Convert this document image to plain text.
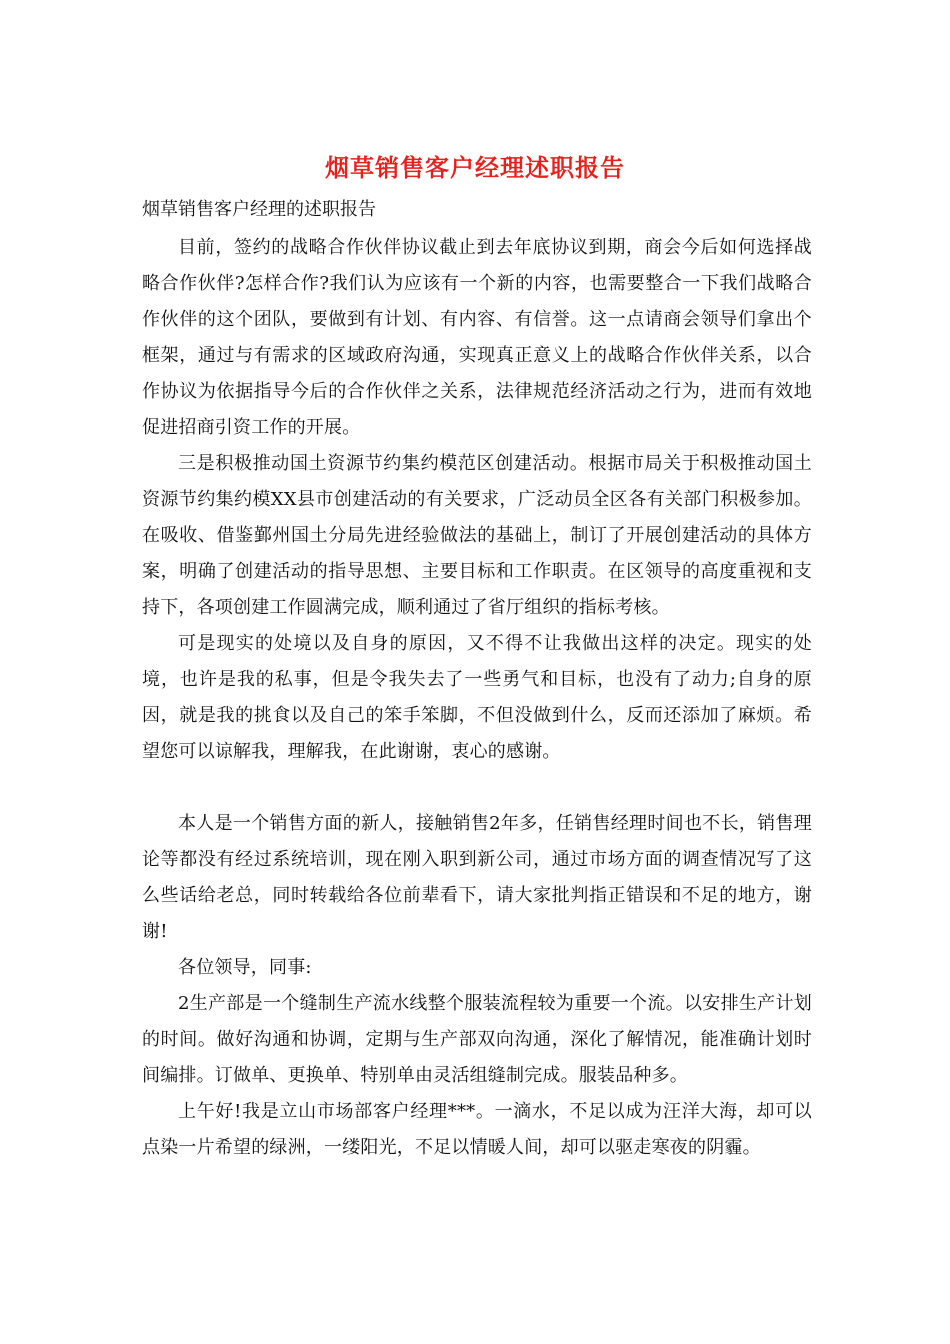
烟草销售客户经理述职报告
烟草销售客户经理的述职报告

目前，签约的战略合作伙伴协议截止到去年底协议到期，商会今后如何选择战略合作伙伴?怎样合作?我们认为应该有一个新的内容，也需要整合一下我们战略合作伙伴的这个团队，要做到有计划、有内容、有信誉。这一点请商会领导们拿出个框架，通过与有需求的区域政府沟通，实现真正意义上的战略合作伙伴关系，以合作协议为依据指导今后的合作伙伴之关系，法律规范经济活动之行为，进而有效地促进招商引资工作的开展。

三是积极推动国土资源节约集约模范区创建活动。根据市局关于积极推动国土资源节约集约模XX县市创建活动的有关要求，广泛动员全区各有关部门积极参加。在吸收、借鉴鄞州国土分局先进经验做法的基础上，制订了开展创建活动的具体方案，明确了创建活动的指导思想、主要目标和工作职责。在区领导的高度重视和支持下，各项创建工作圆满完成，顺利通过了省厅组织的指标考核。

可是现实的处境以及自身的原因，又不得不让我做出这样的决定。现实的处境，也许是我的私事，但是令我失去了一些勇气和目标，也没有了动力;自身的原因，就是我的挑食以及自己的笨手笨脚，不但没做到什么，反而还添加了麻烦。希望您可以谅解我，理解我，在此谢谢，衷心的感谢。

本人是一个销售方面的新人，接触销售2年多，任销售经理时间也不长，销售理论等都没有经过系统培训，现在刚入职到新公司，通过市场方面的调查情况写了这么些话给老总，同时转载给各位前辈看下，请大家批判指正错误和不足的地方，谢谢!

各位领导，同事:

2生产部是一个缝制生产流水线整个服装流程较为重要一个流。以安排生产计划的时间。做好沟通和协调，定期与生产部双向沟通，深化了解情况，能准确计划时间编排。订做单、更换单、特别单由灵活组缝制完成。服装品种多。

上午好!我是立山市场部客户经理***。一滴水，不足以成为汪洋大海，却可以点染一片希望的绿洲，一缕阳光，不足以情暖人间，却可以驱走寒夜的阴霾。
